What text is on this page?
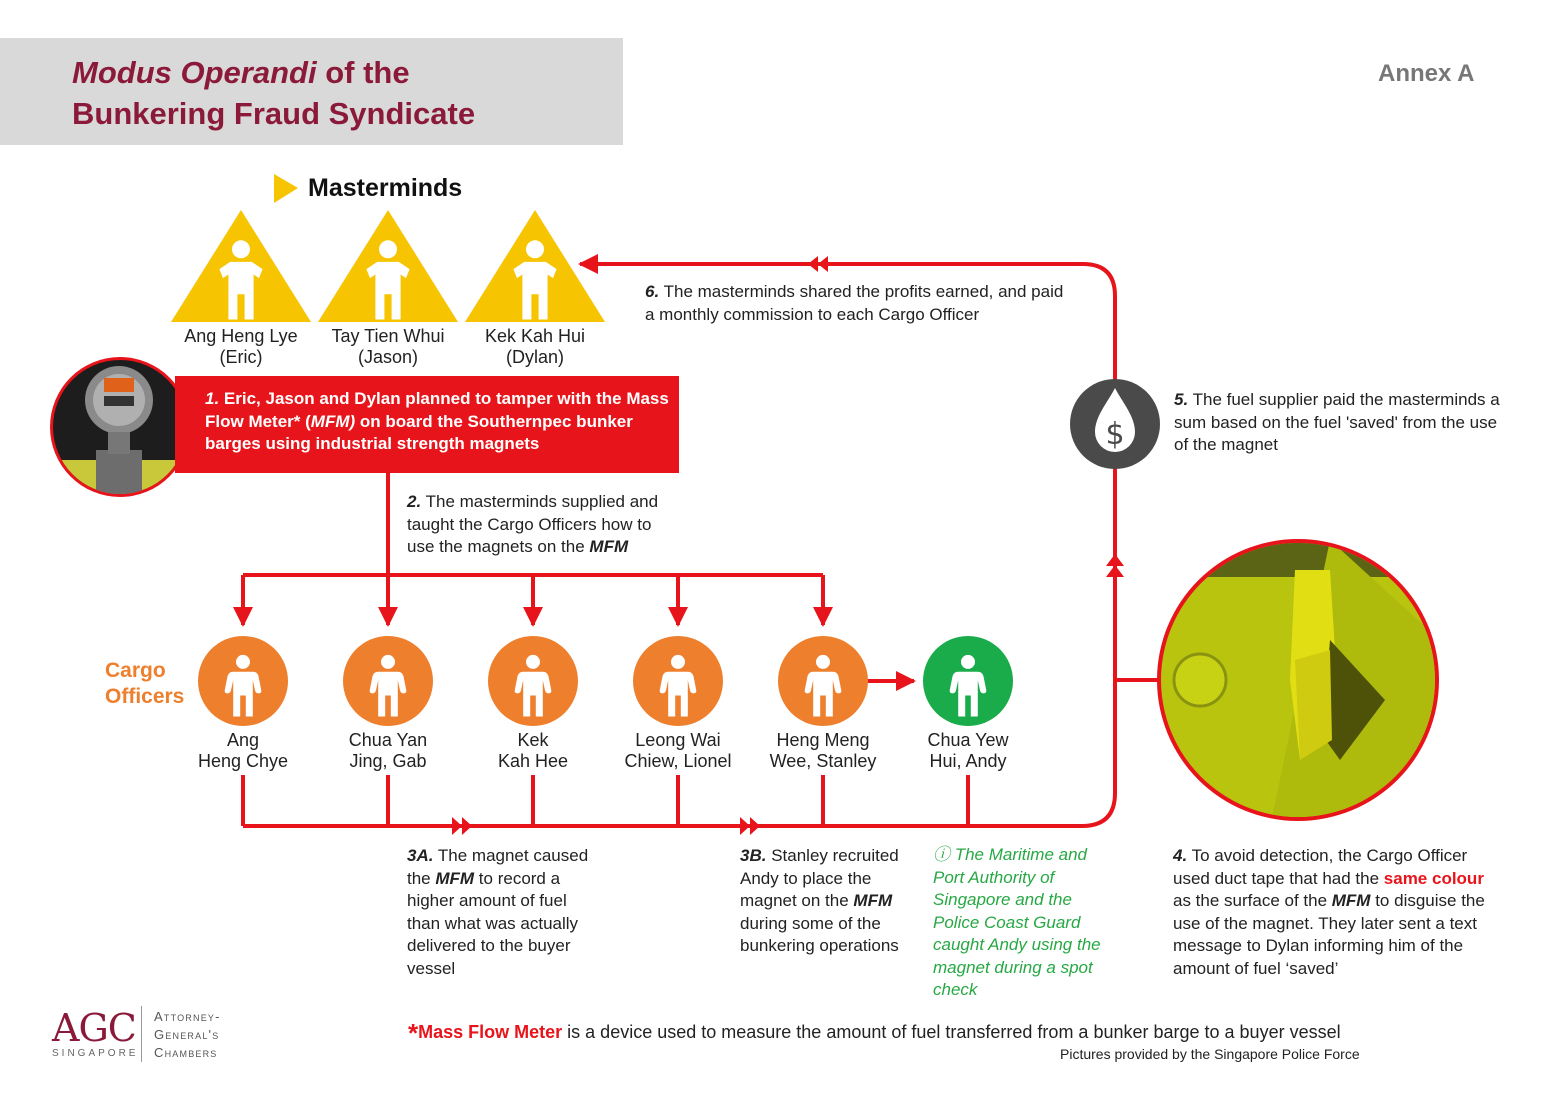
Modus Operandi of the
Bunkering Fraud Syndicate
Annex A
$
Masterminds
Ang Heng Lye
(Eric)
Tay Tien Whui
(Jason)
Kek Kah Hui
(Dylan)
6. The masterminds shared the profits earned, and paid a monthly commission to each Cargo Officer
1. Eric, Jason and Dylan planned to tamper with the Mass Flow Meter* (MFM) on board the Southernpec bunker barges using industrial strength magnets
5. The fuel supplier paid the masterminds a sum based on the fuel 'saved' from the use of the magnet
2. The masterminds supplied and taught the Cargo Officers how to use the magnets on the MFM
Cargo
Officers
Ang
Heng Chye
Chua Yan
Jing, Gab
Kek
Kah Hee
Leong Wai
Chiew, Lionel
Heng Meng
Wee, Stanley
Chua Yew
Hui, Andy
3A. The magnet caused the MFM to record a higher amount of fuel than what was actually delivered to the buyer vessel
3B. Stanley recruited Andy to place the magnet on the MFM during some of the bunkering operations
ⓘ The Maritime and Port Authority of Singapore and the Police Coast Guard caught Andy using the magnet during a spot check
4. To avoid detection, the Cargo Officer used duct tape that had the same colour as the surface of the MFM to disguise the use of the magnet. They later sent a text message to Dylan informing him of the amount of fuel ‘saved’
*Mass Flow Meter is a device used to measure the amount of fuel transferred from a bunker barge to a buyer vessel
Pictures provided by the Singapore Police Force
AGC
SINGAPORE
Attorney-
General's
Chambers
